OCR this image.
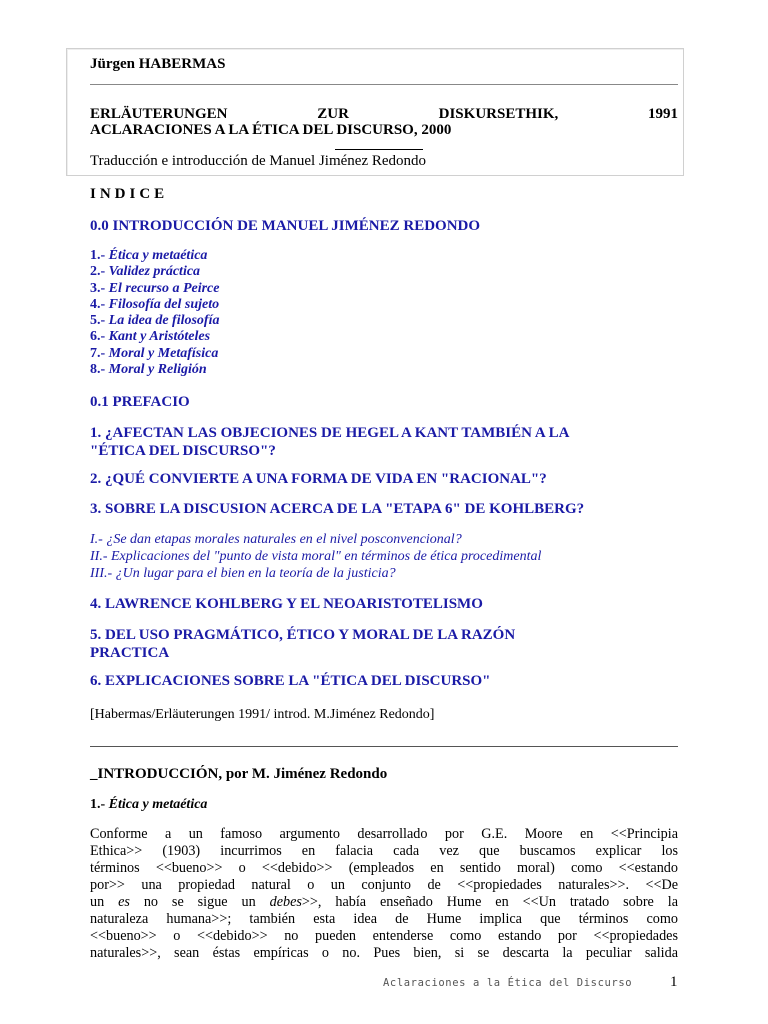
Jürgen HABERMAS
ERLÄUTERUNGEN	ZUR	DISKURSETHIK,	1991
ACLARACIONES A LA ÉTICA DEL DISCURSO, 2000
Traducción e introducción de Manuel Jiménez Redondo
INDICE
0.0 INTRODUCCIÓN DE MANUEL JIMÉNEZ REDONDO
1.- Ética y metaética
2.- Validez práctica
3.- El recurso a Peirce
4.- Filosofía del sujeto
5.- La idea de filosofía
6.- Kant y Aristóteles
7.- Moral y Metafísica
8.- Moral y Religión
0.1 PREFACIO
1. ¿AFECTAN LAS OBJECIONES DE HEGEL A KANT TAMBIÉN A LA
"ÉTICA DEL DISCURSO"?
2. ¿QUÉ CONVIERTE A UNA FORMA DE VIDA EN "RACIONAL"?
3. SOBRE LA DISCUSION ACERCA DE LA "ETAPA 6" DE KOHLBERG?
I.- ¿Se dan etapas morales naturales en el nivel posconvencional?
II.- Explicaciones del "punto de vista moral" en términos de ética procedimental
III.- ¿Un lugar para el bien en la teoría de la justicia?
4. LAWRENCE KOHLBERG Y EL NEOARISTOTELISMO
5. DEL USO PRAGMÁTICO, ÉTICO Y MORAL DE LA RAZÓN
PRACTICA
6. EXPLICACIONES SOBRE LA "ÉTICA DEL DISCURSO"
[Habermas/Erläuterungen 1991/ introd. M.Jiménez Redondo]
_INTRODUCCIÓN, por M. Jiménez Redondo
1.- Ética y metaética
Conforme a un famoso argumento desarrollado por G.E. Moore en <<Principia
Ethica>> (1903) incurrimos en falacia cada vez que buscamos explicar los
términos <<bueno>> o <<debido>> (empleados en sentido moral) como <<estando
por>> una propiedad natural o un conjunto de <<propiedades naturales>>. <<De
un es no se sigue un debes>>, había enseñado Hume en <<Un tratado sobre la
naturaleza humana>>; también esta idea de Hume implica que términos como
<<bueno>> o <<debido>> no pueden entenderse como estando por <<propiedades
naturales>>, sean éstas empíricas o no. Pues bien, si se descarta la peculiar salida
Aclaraciones a la Ética del Discurso	1
